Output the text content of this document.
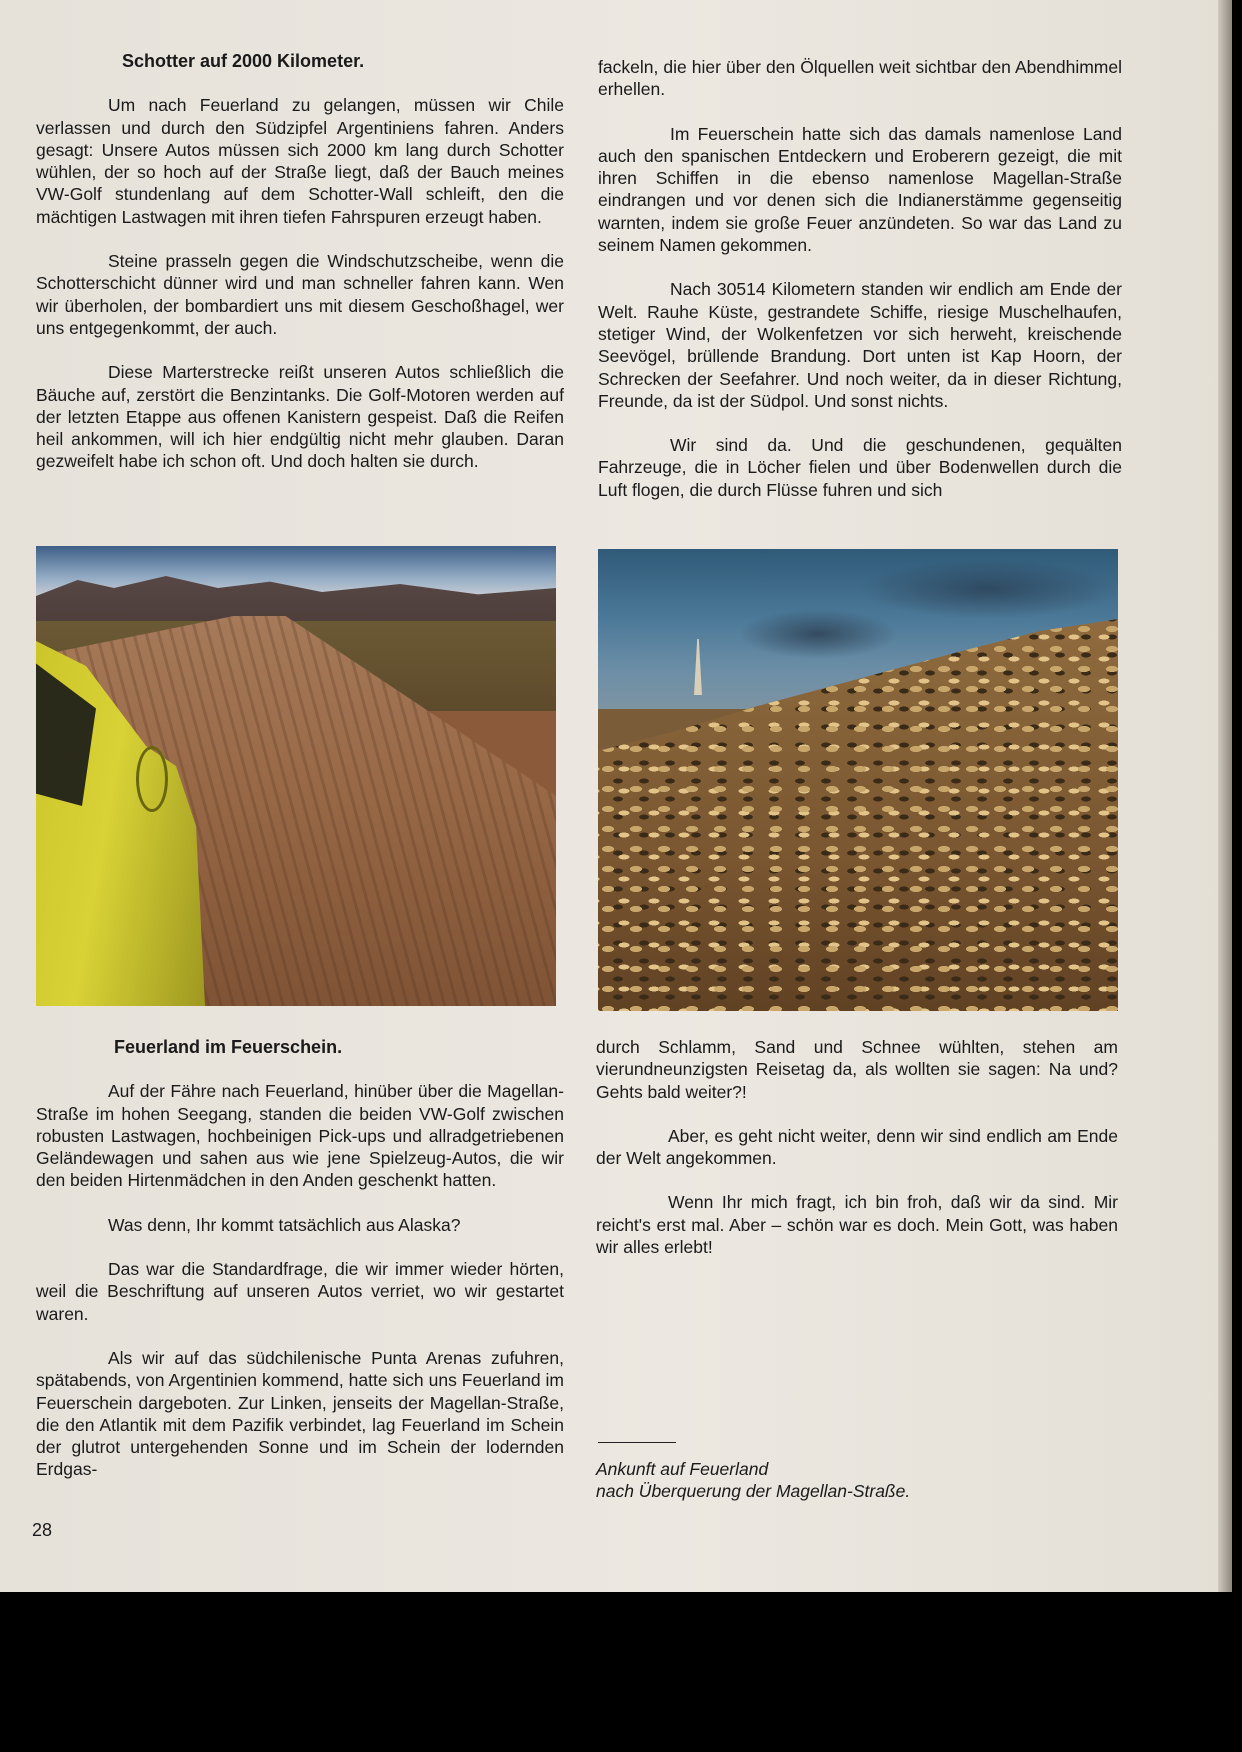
Schotter auf 2000 Kilometer.

Um nach Feuerland zu gelangen, müssen wir Chile verlassen und durch den Südzipfel Argentiniens fahren. Anders gesagt: Unsere Autos müssen sich 2000 km lang durch Schotter wühlen, der so hoch auf der Straße liegt, daß der Bauch meines VW-Golf stundenlang auf dem Schotter-Wall schleift, den die mächtigen Lastwagen mit ihren tiefen Fahrspuren erzeugt haben.

Steine prasseln gegen die Windschutzscheibe, wenn die Schotterschicht dünner wird und man schneller fahren kann. Wen wir überholen, der bombardiert uns mit diesem Geschoßhagel, wer uns entgegenkommt, der auch.

Diese Marterstrecke reißt unseren Autos schließlich die Bäuche auf, zerstört die Benzintanks. Die Golf-Motoren werden auf der letzten Etappe aus offenen Kanistern gespeist. Daß die Reifen heil ankommen, will ich hier endgültig nicht mehr glauben. Daran gezweifelt habe ich schon oft. Und doch halten sie durch.

fackeln, die hier über den Ölquellen weit sichtbar den Abendhimmel erhellen.

Im Feuerschein hatte sich das damals namenlose Land auch den spanischen Entdeckern und Eroberern gezeigt, die mit ihren Schiffen in die ebenso namenlose Magellan-Straße eindrangen und vor denen sich die Indianerstämme gegenseitig warnten, indem sie große Feuer anzündeten. So war das Land zu seinem Namen gekommen.

Nach 30514 Kilometern standen wir endlich am Ende der Welt. Rauhe Küste, gestrandete Schiffe, riesige Muschelhaufen, stetiger Wind, der Wolkenfetzen vor sich herweht, kreischende Seevögel, brüllende Brandung. Dort unten ist Kap Hoorn, der Schrecken der Seefahrer. Und noch weiter, da in dieser Richtung, Freunde, da ist der Südpol. Und sonst nichts.

Wir sind da. Und die geschundenen, gequälten Fahrzeuge, die in Löcher fielen und über Bodenwellen durch die Luft flogen, die durch Flüsse fuhren und sich

Feuerland im Feuerschein.

Auf der Fähre nach Feuerland, hinüber über die Magellan-Straße im hohen Seegang, standen die beiden VW-Golf zwischen robusten Lastwagen, hochbeinigen Pick-ups und allradgetriebenen Geländewagen und sahen aus wie jene Spielzeug-Autos, die wir den beiden Hirtenmädchen in den Anden geschenkt hatten.

Was denn, Ihr kommt tatsächlich aus Alaska?

Das war die Standardfrage, die wir immer wieder hörten, weil die Beschriftung auf unseren Autos verriet, wo wir gestartet waren.

Als wir auf das südchilenische Punta Arenas zufuhren, spätabends, von Argentinien kommend, hatte sich uns Feuerland im Feuerschein dargeboten. Zur Linken, jenseits der Magellan-Straße, die den Atlantik mit dem Pazifik verbindet, lag Feuerland im Schein der glutrot untergehenden Sonne und im Schein der lodernden Erdgas-

durch Schlamm, Sand und Schnee wühlten, stehen am vierundneunzigsten Reisetag da, als wollten sie sagen: Na und? Gehts bald weiter?!

Aber, es geht nicht weiter, denn wir sind endlich am Ende der Welt angekommen.

Wenn Ihr mich fragt, ich bin froh, daß wir da sind. Mir reicht's erst mal. Aber – schön war es doch. Mein Gott, was haben wir alles erlebt!

Ankunft auf Feuerland
nach Überquerung der Magellan-Straße.
28
